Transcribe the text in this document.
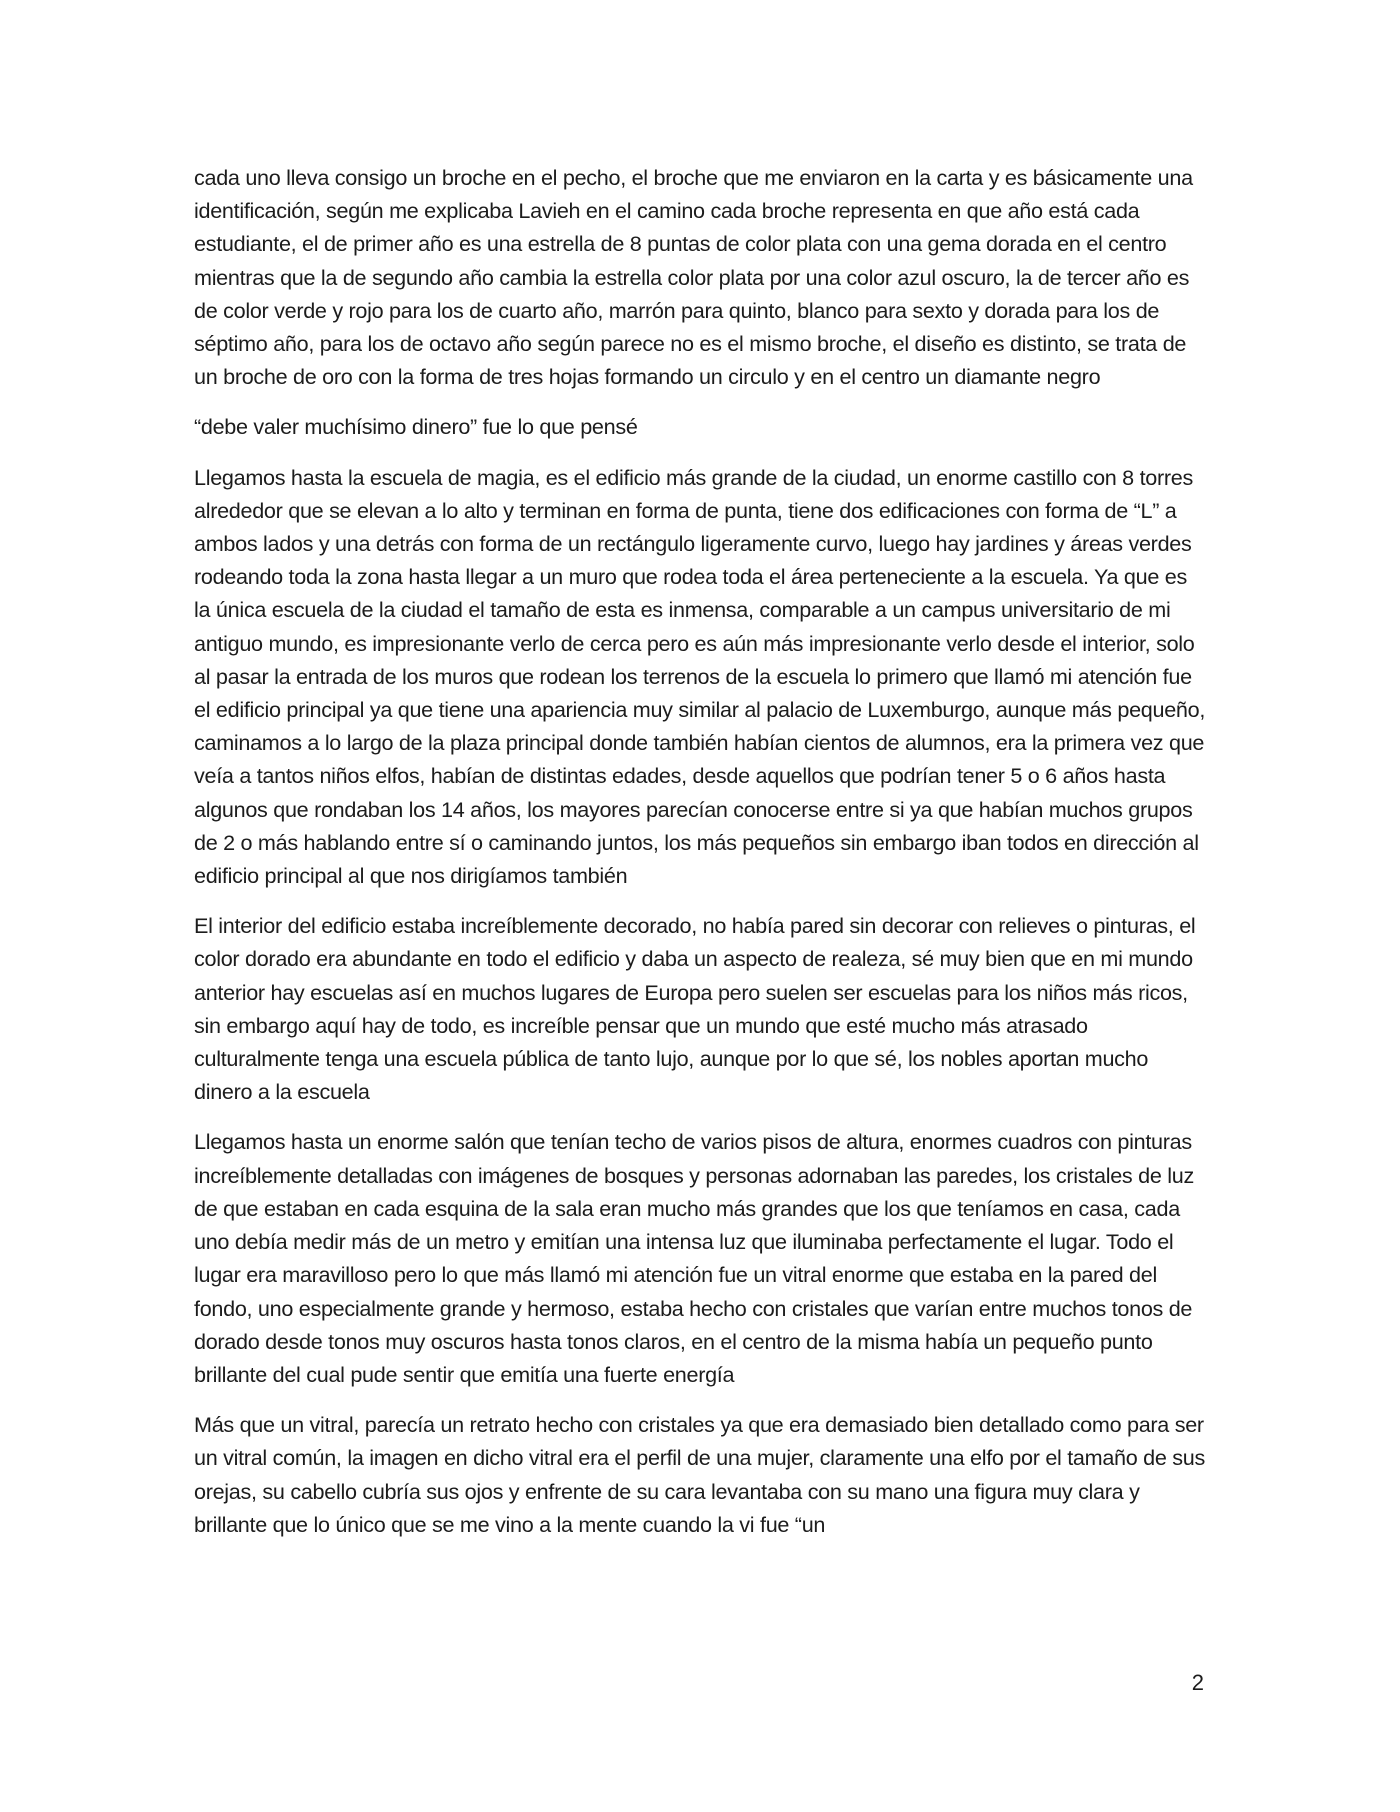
cada uno lleva consigo un broche en el pecho, el broche que me enviaron en la carta y es básicamente una identificación, según me explicaba Lavieh en el camino cada broche representa en que año está cada estudiante, el de primer año es una estrella de 8 puntas de color plata con una gema dorada en el centro mientras que la de segundo año cambia la estrella color plata por una color azul oscuro, la de tercer año es de color verde y rojo para los de cuarto año, marrón para quinto, blanco para sexto y dorada para los de séptimo año, para los de octavo año según parece no es el mismo broche, el diseño es distinto, se trata de un broche de oro con la forma de tres hojas formando un circulo y en el centro un diamante negro

“debe valer muchísimo dinero” fue lo que pensé

Llegamos hasta la escuela de magia, es el edificio más grande de la ciudad, un enorme castillo con 8 torres alrededor que se elevan a lo alto y terminan en forma de punta, tiene dos edificaciones con forma de “L” a ambos lados y una detrás con forma de un rectángulo ligeramente curvo, luego hay jardines y áreas verdes rodeando toda la zona hasta llegar a un muro que rodea toda el área perteneciente a la escuela. Ya que es la única escuela de la ciudad el tamaño de esta es inmensa, comparable a un campus universitario de mi antiguo mundo, es impresionante verlo de cerca pero es aún más impresionante verlo desde el interior, solo al pasar la entrada de los muros que rodean los terrenos de la escuela lo primero que llamó mi atención fue el edificio principal ya que tiene una apariencia muy similar al palacio de Luxemburgo, aunque más pequeño, caminamos a lo largo de la plaza principal donde también habían cientos de alumnos, era la primera vez que veía a tantos niños elfos, habían de distintas edades, desde aquellos que podrían tener 5 o 6 años hasta algunos que rondaban los 14 años, los mayores parecían conocerse entre si ya que habían muchos grupos de 2 o más hablando entre sí o caminando juntos, los más pequeños sin embargo iban todos en dirección al edificio principal al que nos dirigíamos también

El interior del edificio estaba increíblemente decorado, no había pared sin decorar con relieves o pinturas, el color dorado era abundante en todo el edificio y daba un aspecto de realeza, sé muy bien que en mi mundo anterior hay escuelas así en muchos lugares de Europa pero suelen ser escuelas para los niños más ricos, sin embargo aquí hay de todo, es increíble pensar que un mundo que esté mucho más atrasado culturalmente tenga una escuela pública de tanto lujo, aunque por lo que sé, los nobles aportan mucho dinero a la escuela

Llegamos hasta un enorme salón que tenían techo de varios pisos de altura, enormes cuadros con pinturas increíblemente detalladas con imágenes de bosques y personas adornaban las paredes, los cristales de luz de que estaban en cada esquina de la sala eran mucho más grandes que los que teníamos en casa, cada uno debía medir más de un metro y emitían una intensa luz que iluminaba perfectamente el lugar. Todo el lugar era maravilloso pero lo que más llamó mi atención fue un vitral enorme que estaba en la pared del fondo, uno especialmente grande y hermoso, estaba hecho con cristales que varían entre muchos tonos de dorado desde tonos muy oscuros hasta tonos claros, en el centro de la misma había un pequeño punto brillante del cual pude sentir que emitía una fuerte energía

Más que un vitral, parecía un retrato hecho con cristales ya que era demasiado bien detallado como para ser un vitral común, la imagen en dicho vitral era el perfil de una mujer, claramente una elfo por el tamaño de sus orejas, su cabello cubría sus ojos y enfrente de su cara levantaba con su mano una figura muy clara y brillante que lo único que se me vino a la mente cuando la vi fue “un

2
